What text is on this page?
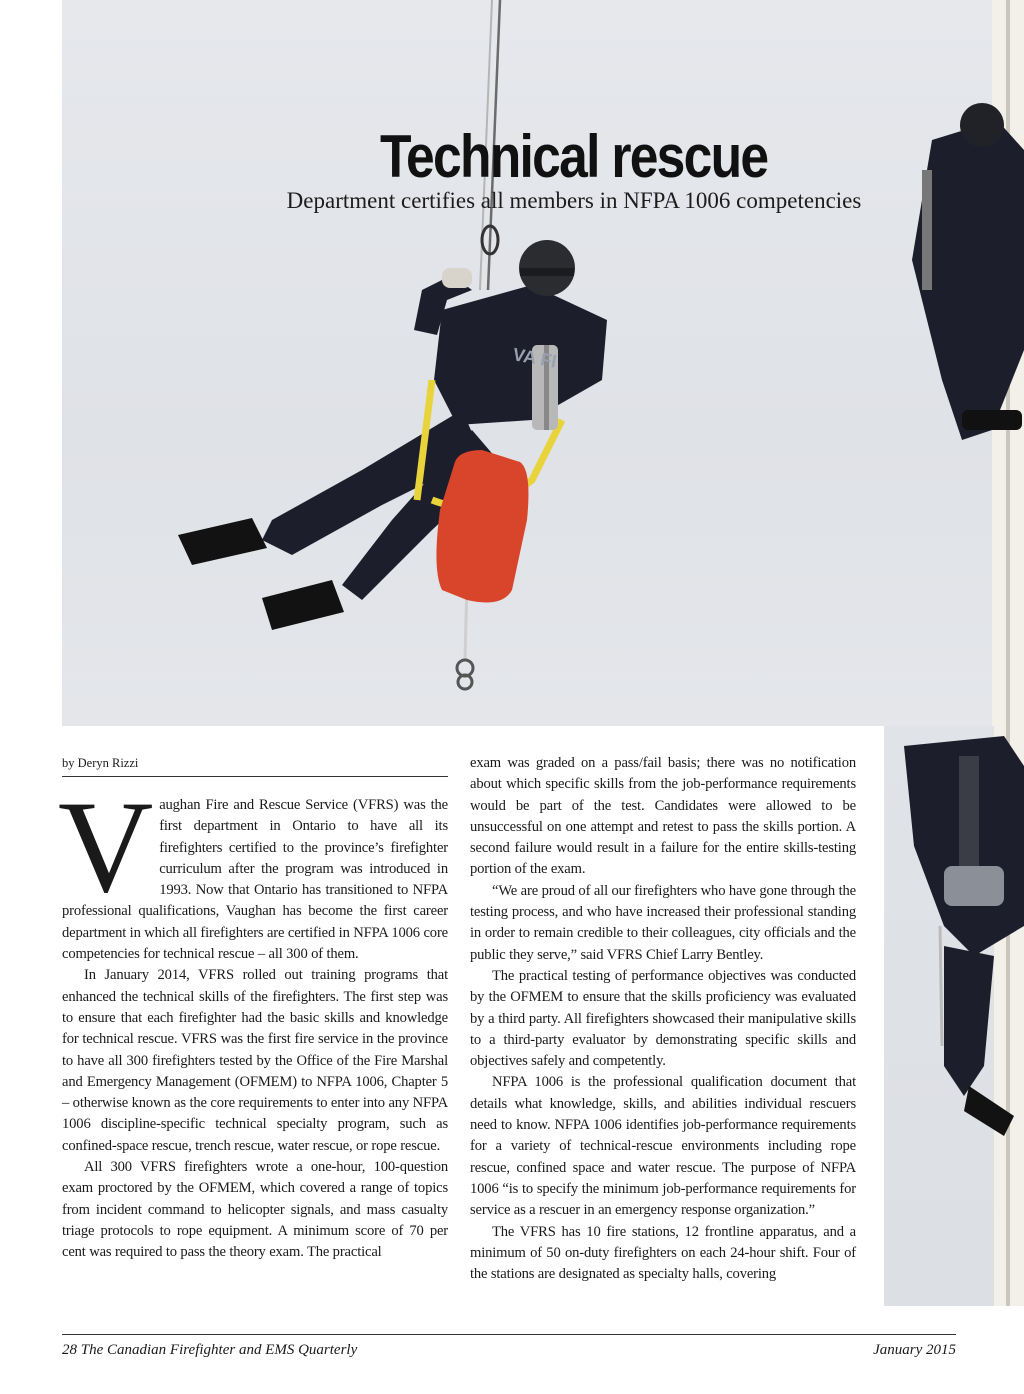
VA FI
Technical rescue
Department certifies all members in NFPA 1006 competencies
by Deryn Rizzi

Vaughan Fire and Rescue Service (VFRS) was the first department in Ontario to have all its firefighters certified to the province’s firefighter curriculum after the program was introduced in 1993. Now that Ontario has transitioned to NFPA professional qualifications, Vaughan has become the first career department in which all firefighters are certified in NFPA 1006 core competencies for technical rescue – all 300 of them.

In January 2014, VFRS rolled out training programs that enhanced the technical skills of the firefighters. The first step was to ensure that each firefighter had the basic skills and knowledge for technical rescue. VFRS was the first fire service in the province to have all 300 firefighters tested by the Office of the Fire Marshal and Emergency Management (OFMEM) to NFPA 1006, Chapter 5 – otherwise known as the core requirements to enter into any NFPA 1006 discipline-specific technical specialty program, such as confined-space rescue, trench rescue, water rescue, or rope rescue.

All 300 VFRS firefighters wrote a one-hour, 100-question exam proctored by the OFMEM, which covered a range of topics from incident command to helicopter signals, and mass casualty triage protocols to rope equipment. A minimum score of 70 per cent was required to pass the theory exam. The practical

exam was graded on a pass/fail basis; there was no notification about which specific skills from the job-performance requirements would be part of the test. Candidates were allowed to be unsuccessful on one attempt and retest to pass the skills portion. A second failure would result in a failure for the entire skills-testing portion of the exam.

“We are proud of all our firefighters who have gone through the testing process, and who have increased their professional standing in order to remain credible to their colleagues, city officials and the public they serve,” said VFRS Chief Larry Bentley.

The practical testing of performance objectives was conducted by the OFMEM to ensure that the skills proficiency was evaluated by a third party. All firefighters showcased their manipulative skills to a third-party evaluator by demonstrating specific skills and objectives safely and competently.

NFPA 1006 is the professional qualification document that details what knowledge, skills, and abilities individual rescuers need to know. NFPA 1006 identifies job-performance requirements for a variety of technical-rescue environments including rope rescue, confined space and water rescue. The purpose of NFPA 1006 “is to specify the minimum job-performance requirements for service as a rescuer in an emergency response organization.”

The VFRS has 10 fire stations, 12 frontline apparatus, and a minimum of 50 on-duty firefighters on each 24-hour shift. Four of the stations are designated as specialty halls, covering

28 The Canadian Firefighter and EMS Quarterly	January 2015
